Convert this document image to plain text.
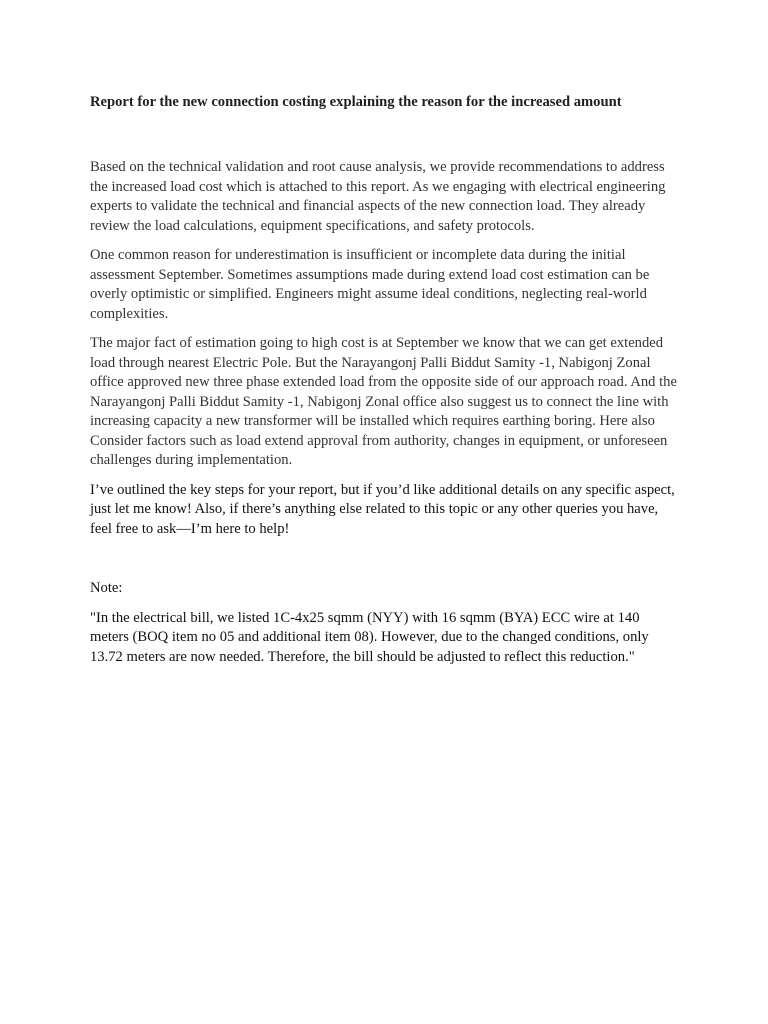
Report for the new connection costing explaining the reason for the increased amount

Based on the technical validation and root cause analysis, we provide recommendations to address the increased load cost which is attached to this report. As we engaging with electrical engineering experts to validate the technical and financial aspects of the new connection load. They already review the load calculations, equipment specifications, and safety protocols.

One common reason for underestimation is insufficient or incomplete data during the initial assessment September. Sometimes assumptions made during extend load cost estimation can be overly optimistic or simplified. Engineers might assume ideal conditions, neglecting real-world complexities.

The major fact of estimation going to high cost is at September we know that we can get extended load through nearest Electric Pole. But the Narayangonj Palli Biddut Samity -1, Nabigonj Zonal office approved new three phase extended load from the opposite side of our approach road. And the Narayangonj Palli Biddut Samity -1, Nabigonj Zonal office also suggest us to connect the line with increasing capacity a new transformer will be installed which requires earthing boring. Here also Consider factors such as load extend approval from authority, changes in equipment, or unforeseen challenges during implementation.

I’ve outlined the key steps for your report, but if you’d like additional details on any specific aspect, just let me know! Also, if there’s anything else related to this topic or any other queries you have, feel free to ask—I’m here to help!

Note:

"In the electrical bill, we listed 1C-4x25 sqmm (NYY) with 16 sqmm (BYA) ECC wire at 140 meters (BOQ item no 05 and additional item 08). However, due to the changed conditions, only 13.72 meters are now needed. Therefore, the bill should be adjusted to reflect this reduction."
